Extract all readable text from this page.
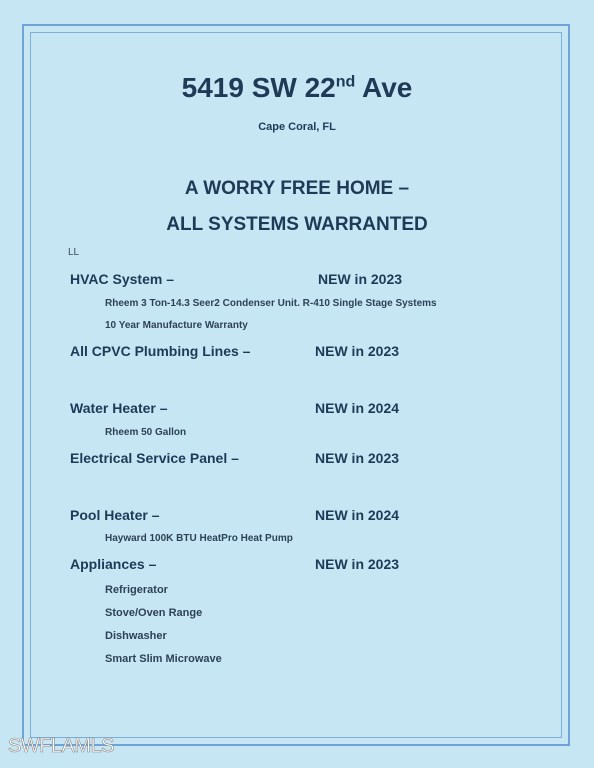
5419 SW 22nd Ave
Cape Coral, FL
A WORRY FREE HOME –
ALL SYSTEMS WARRANTED
LL
HVAC System –	NEW in 2023
Rheem 3 Ton-14.3 Seer2 Condenser Unit. R-410 Single Stage Systems
10 Year Manufacture Warranty
All CPVC Plumbing Lines –	NEW in 2023
Water Heater –	NEW in 2024
Rheem 50 Gallon
Electrical Service Panel –	NEW in 2023
Pool Heater –	NEW in 2024
Hayward 100K BTU HeatPro Heat Pump
Appliances –	NEW in 2023
Refrigerator
Stove/Oven Range
Dishwasher
Smart Slim Microwave
SWFLAMLS
